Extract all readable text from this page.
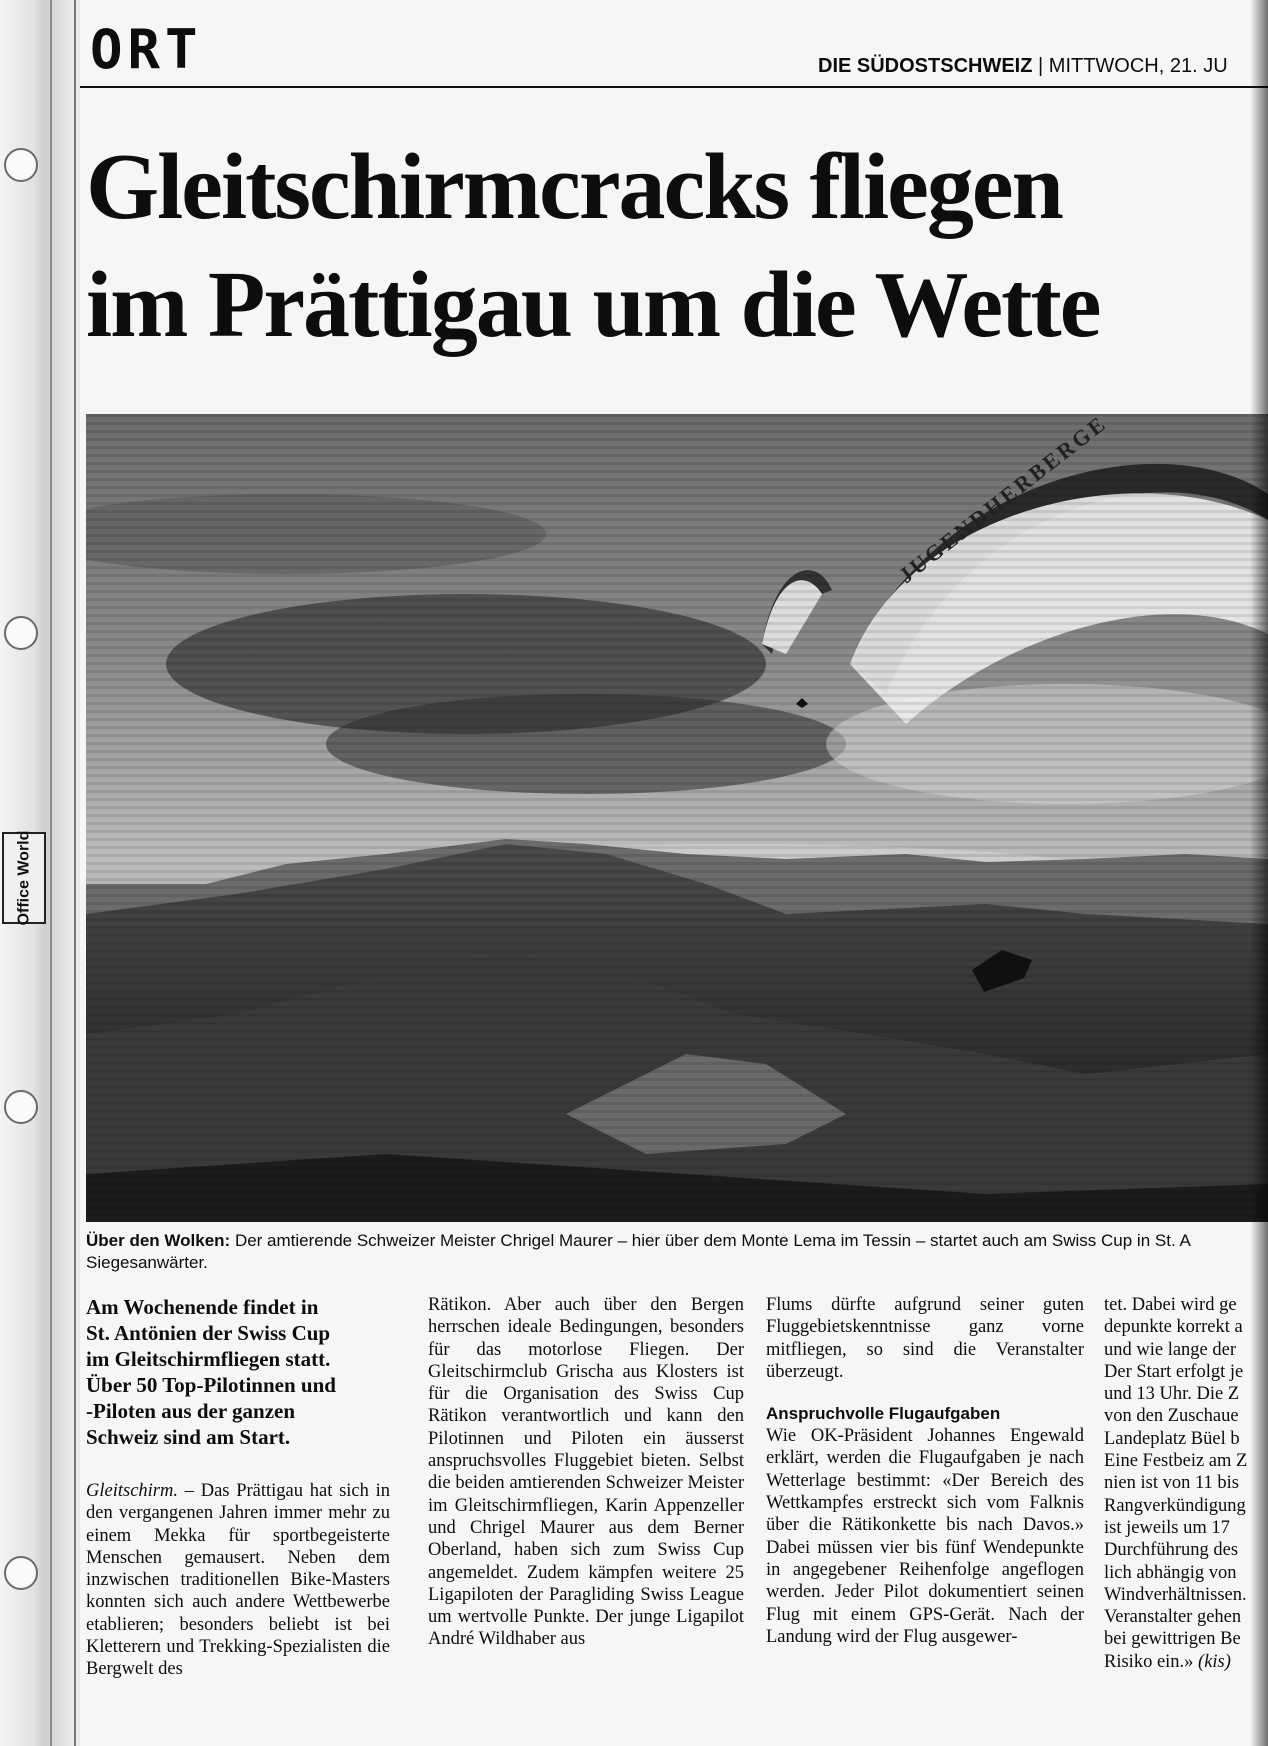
Office World
ORT	DIE SÜDOSTSCHWEIZ | MITTWOCH, 21. JU
Gleitschirmcracks fliegen
im Prättigau um die Wette
Über den Wolken: Der amtierende Schweizer Meister Chrigel Maurer – hier über dem Monte Lema im Tessin – startet auch am Swiss Cup in St. A
Siegesanwärter.
Am Wochenende findet in
St. Antönien der Swiss Cup
im Gleitschirmfliegen statt.
Über 50 Top-Pilotinnen und
-Piloten aus der ganzen
Schweiz sind am Start.

Gleitschirm. – Das Prättigau hat sich in den vergangenen Jahren immer mehr zu einem Mekka für sportbegeisterte Menschen gemausert. Neben dem inzwischen traditionellen Bike-Masters konnten sich auch andere Wettbewerbe etablieren; besonders beliebt ist bei Kletterern und Trekking-Spezialisten die Bergwelt des

Rätikon. Aber auch über den Bergen herrschen ideale Bedingungen, besonders für das motorlose Fliegen. Der Gleitschirmclub Grischa aus Klosters ist für die Organisation des Swiss Cup Rätikon verantwortlich und kann den Pilotinnen und Piloten ein äusserst anspruchsvolles Fluggebiet bieten. Selbst die beiden amtierenden Schweizer Meister im Gleitschirmfliegen, Karin Appenzeller und Chrigel Maurer aus dem Berner Oberland, haben sich zum Swiss Cup angemeldet. Zudem kämpfen weitere 25 Ligapiloten der Paragliding Swiss League um wertvolle Punkte. Der junge Ligapilot André Wildhaber aus

Flums dürfte aufgrund seiner guten Fluggebietskenntnisse ganz vorne mitfliegen, so sind die Veranstalter überzeugt.

Anspruchvolle Flugaufgaben

Wie OK-Präsident Johannes Engewald erklärt, werden die Flugaufgaben je nach Wetterlage bestimmt: «Der Bereich des Wettkampfes erstreckt sich vom Falknis über die Rätikonkette bis nach Davos.» Dabei müssen vier bis fünf Wendepunkte in angegebener Reihenfolge angeflogen werden. Jeder Pilot dokumentiert seinen Flug mit einem GPS-Gerät. Nach der Landung wird der Flug ausgewer-

tet. Dabei wird ge
depunkte korrekt a
und wie lange der
Der Start erfolgt je
und 13 Uhr. Die Z
von den Zuschaue
Landeplatz Büel b
Eine Festbeiz am Z
nien ist von 11 bis
Rangverkündigung
ist jeweils um 17
Durchführung des
lich abhängig von
Windverhältnissen.
Veranstalter gehen
bei gewittrigen Be
Risiko ein.» (kis)
